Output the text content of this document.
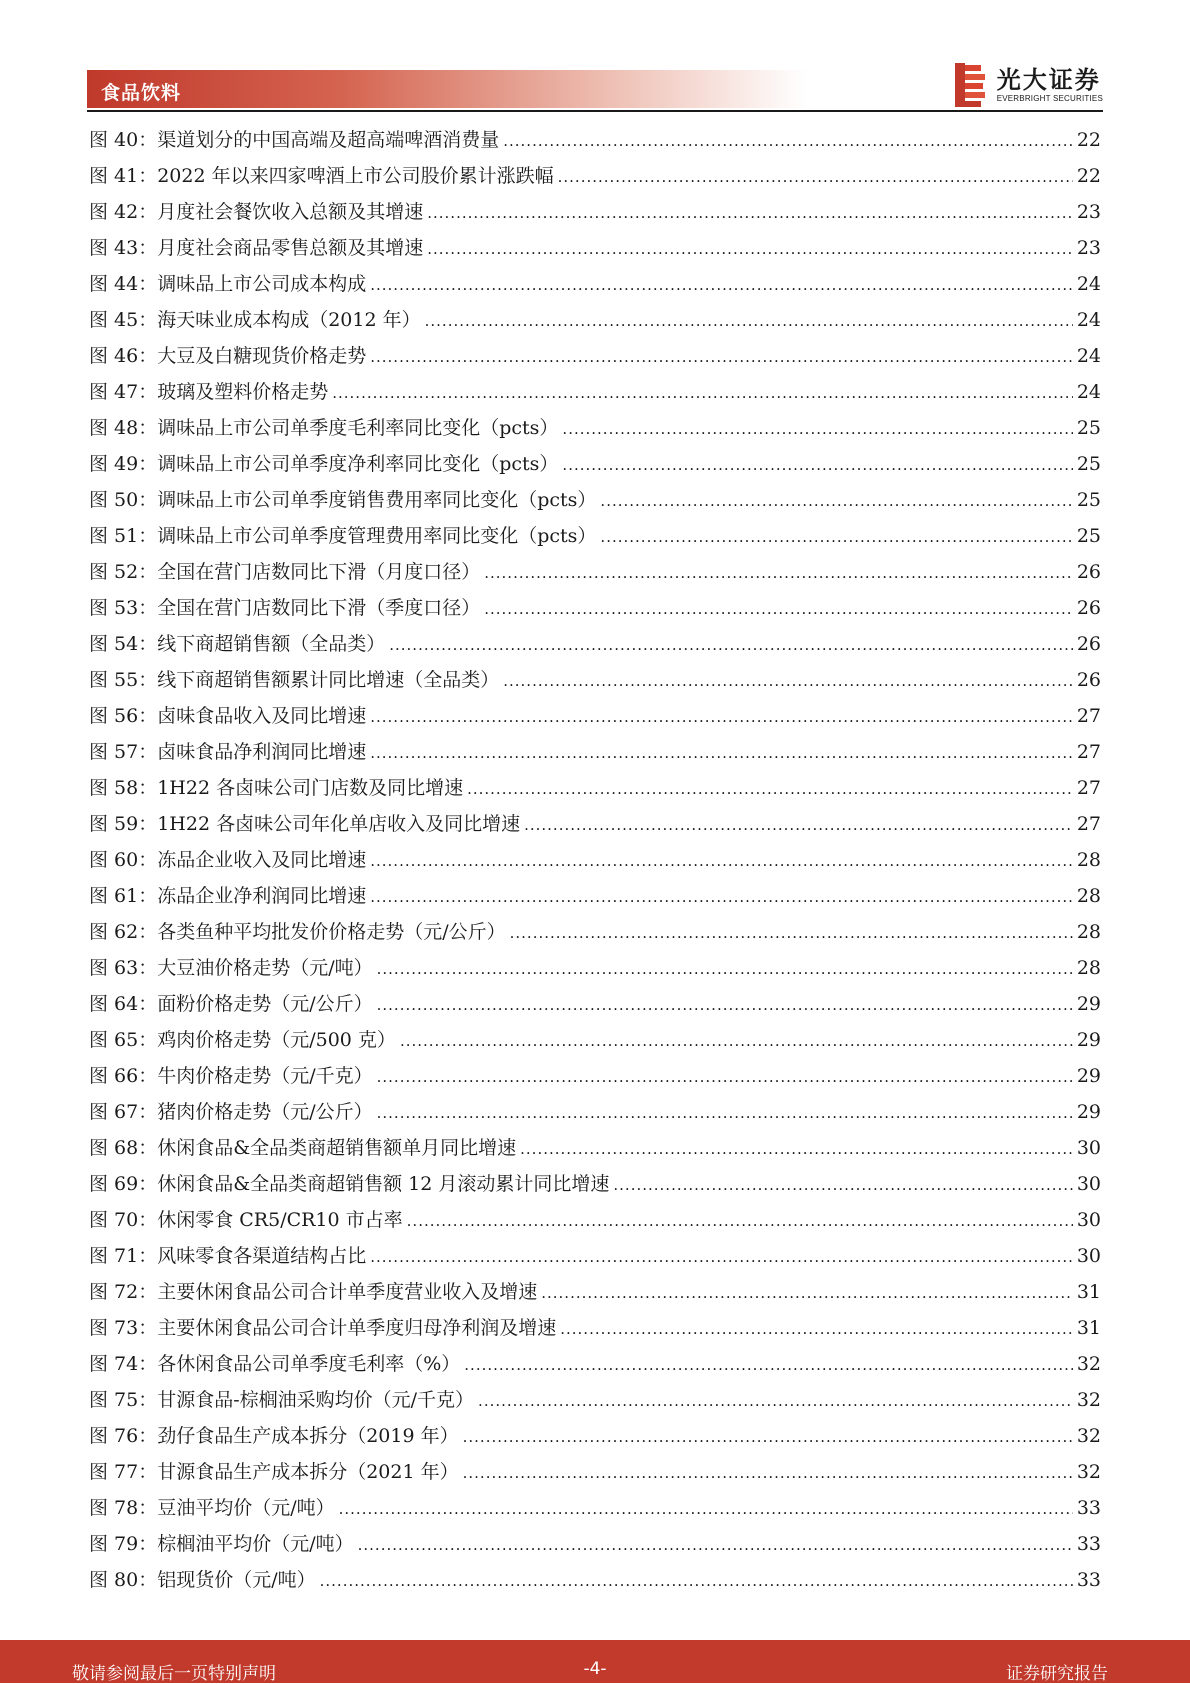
食品饮料	光大证券
EVERBRIGHT SECURITIES
图 40：渠道划分的中国高端及超高端啤酒消费量 .....	22
图 41：2022 年以来四家啤酒上市公司股价累计涨跌幅 .....	22
图 42：月度社会餐饮收入总额及其增速 .....	23
图 43：月度社会商品零售总额及其增速 .....	23
图 44：调味品上市公司成本构成 .....	24
图 45：海天味业成本构成（2012 年） .....	24
图 46：大豆及白糖现货价格走势 .....	24
图 47：玻璃及塑料价格走势 .....	24
图 48：调味品上市公司单季度毛利率同比变化（pcts） .....	25
图 49：调味品上市公司单季度净利率同比变化（pcts） .....	25
图 50：调味品上市公司单季度销售费用率同比变化（pcts） .....	25
图 51：调味品上市公司单季度管理费用率同比变化（pcts） .....	25
图 52：全国在营门店数同比下滑（月度口径） .....	26
图 53：全国在营门店数同比下滑（季度口径） .....	26
图 54：线下商超销售额（全品类） .....	26
图 55：线下商超销售额累计同比增速（全品类） .....	26
图 56：卤味食品收入及同比增速 .....	27
图 57：卤味食品净利润同比增速 .....	27
图 58：1H22 各卤味公司门店数及同比增速 .....	27
图 59：1H22 各卤味公司年化单店收入及同比增速 .....	27
图 60：冻品企业收入及同比增速 .....	28
图 61：冻品企业净利润同比增速 .....	28
图 62：各类鱼种平均批发价价格走势（元/公斤） .....	28
图 63：大豆油价格走势（元/吨） .....	28
图 64：面粉价格走势（元/公斤） .....	29
图 65：鸡肉价格走势（元/500 克） .....	29
图 66：牛肉价格走势（元/千克） .....	29
图 67：猪肉价格走势（元/公斤） .....	29
图 68：休闲食品&全品类商超销售额单月同比增速 .....	30
图 69：休闲食品&全品类商超销售额 12 月滚动累计同比增速 .....	30
图 70：休闲零食 CR5/CR10 市占率 .....	30
图 71：风味零食各渠道结构占比 .....	30
图 72：主要休闲食品公司合计单季度营业收入及增速 .....	31
图 73：主要休闲食品公司合计单季度归母净利润及增速 .....	31
图 74：各休闲食品公司单季度毛利率（%） .....	32
图 75：甘源食品-棕榈油采购均价（元/千克） .....	32
图 76：劲仔食品生产成本拆分（2019 年） .....	32
图 77：甘源食品生产成本拆分（2021 年） .....	32
图 78：豆油平均价（元/吨） .....	33
图 79：棕榈油平均价（元/吨） .....	33
图 80：铝现货价（元/吨） .....	33
敬请参阅最后一页特别声明	-4-	证券研究报告
